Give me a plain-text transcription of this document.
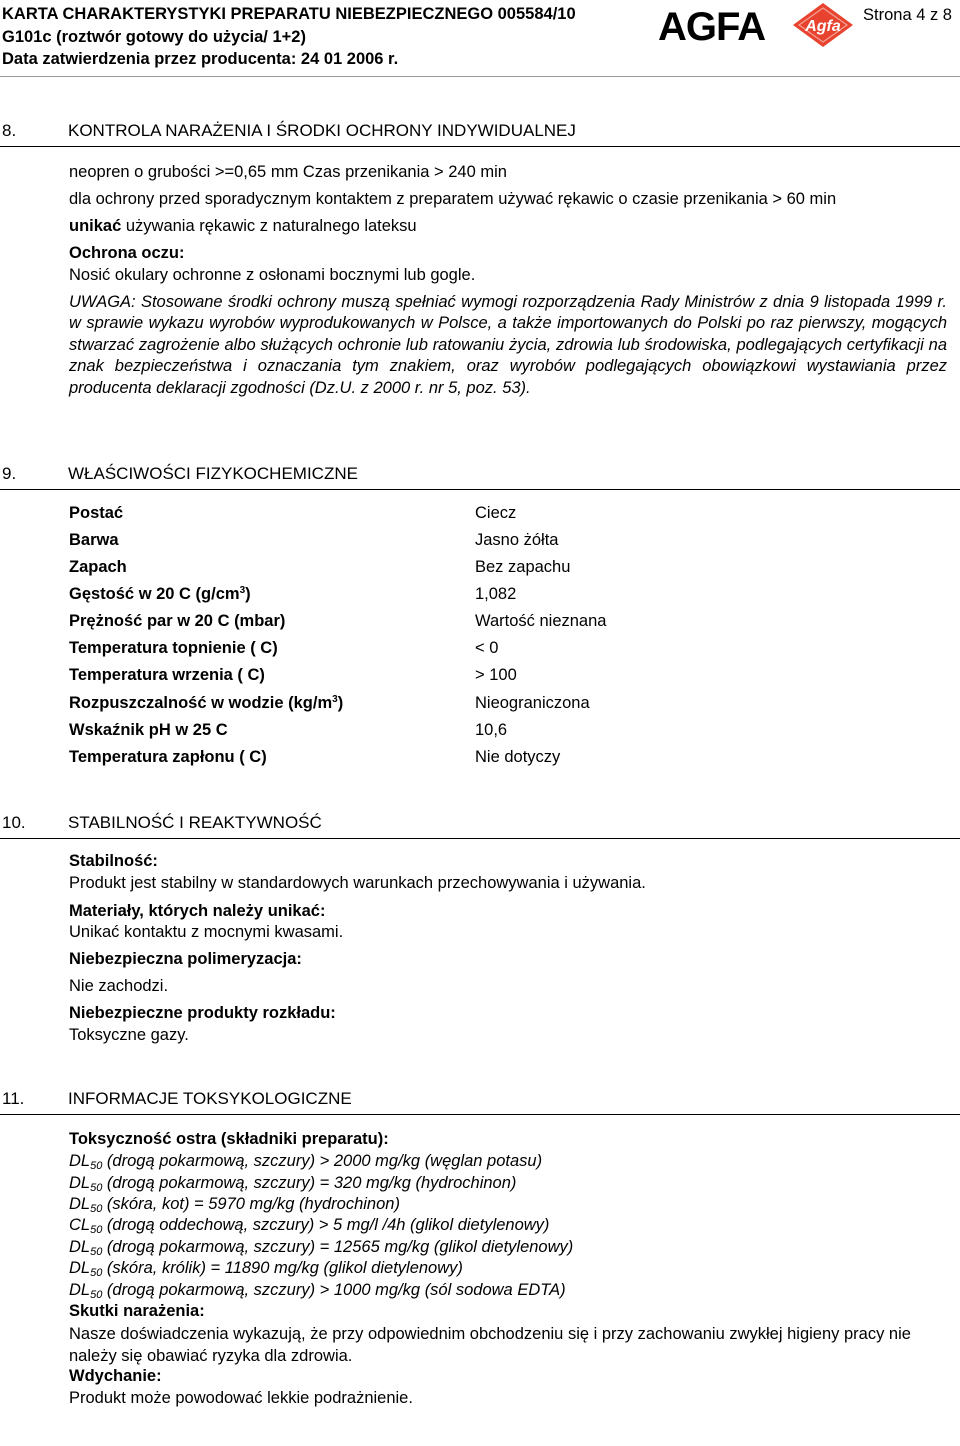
KARTA CHARAKTERYSTYKI PREPARATU NIEBEZPIECZNEGO 005584/10
G101c (roztwór gotowy do użycia/ 1+2)
Data zatwierdzenia przez producenta: 24 01 2006 r.
AGFA	Agfa
Strona 4 z 8
8.	KONTROLA NARAŻENIA I ŚRODKI OCHRONY INDYWIDUALNEJ
neopren o grubości >=0,65 mm Czas przenikania > 240 min
dla ochrony przed sporadycznym kontaktem z preparatem używać rękawic o czasie przenikania > 60 min
unikać używania rękawic z naturalnego lateksu
Ochrona oczu:
Nosić okulary ochronne z osłonami bocznymi lub gogle.
UWAGA: Stosowane środki ochrony muszą spełniać wymogi rozporządzenia Rady Ministrów z dnia 9 listopada 1999 r. w sprawie wykazu wyrobów wyprodukowanych w Polsce, a także importowanych do Polski po raz pierwszy, mogących stwarzać zagrożenie albo służących ochronie lub ratowaniu życia, zdrowia lub środowiska, podlegających certyfikacji na znak bezpieczeństwa i oznaczania tym znakiem, oraz wyrobów podlegających obowiązkowi wystawiania przez producenta deklaracji zgodności (Dz.U. z 2000 r. nr 5, poz. 53).
9.	WŁAŚCIWOŚCI FIZYKOCHEMICZNE
Postać	Ciecz
Barwa	Jasno żółta
Zapach	Bez zapachu
Gęstość w 20 C $(g/cm^3)$	1,082
Prężność par w 20 C (mbar)	Wartość nieznana
Temperatura topnienie ( C)	< 0
Temperatura wrzenia ( C)	> 100
Rozpuszczalność w wodzie $(kg/m^3)$	Nieograniczona
Wskaźnik pH w 25 C	10,6
Temperatura zapłonu ( C)	Nie dotyczy
10. STABILNOŚĆ I REAKTYWNOŚĆ
Stabilność:
Produkt jest stabilny w standardowych warunkach przechowywania i używania.
Materiały, których należy unikać:
Unikać kontaktu z mocnymi kwasami.
Niebezpieczna polimeryzacja:
Nie zachodzi.
Niebezpieczne produkty rozkładu:
Toksyczne gazy.
11.	INFORMACJE TOKSYKOLOGICZNE
Toksyczność ostra (składniki preparatu):
$DL_{50}$ (drogą pokarmową, szczury) > 2000 mg/kg (węglan potasu)
$DL_{50}$ (drogą pokarmową, szczury) = 320 mg/kg (hydrochinon)
$DL_{50}$ (skóra, kot) = 5970 mg/kg (hydrochinon)
$CL_{50}$ (drogą oddechową, szczury) > 5 mg/l /4h (glikol dietylenowy)
$DL_{50}$ (drogą pokarmową, szczury) = 12565 mg/kg (glikol dietylenowy)
$DL_{50}$ (skóra, królik) = 11890 mg/kg (glikol dietylenowy)
$DL_{50}$ (drogą pokarmową, szczury) > 1000 mg/kg (sól sodowa EDTA)
Skutki narażenia:
Nasze doświadczenia wykazują, że przy odpowiednim obchodzeniu się i przy zachowaniu zwykłej higieny pracy nie należy się obawiać ryzyka dla zdrowia.
Wdychanie:
Produkt może powodować lekkie podrażnienie.
